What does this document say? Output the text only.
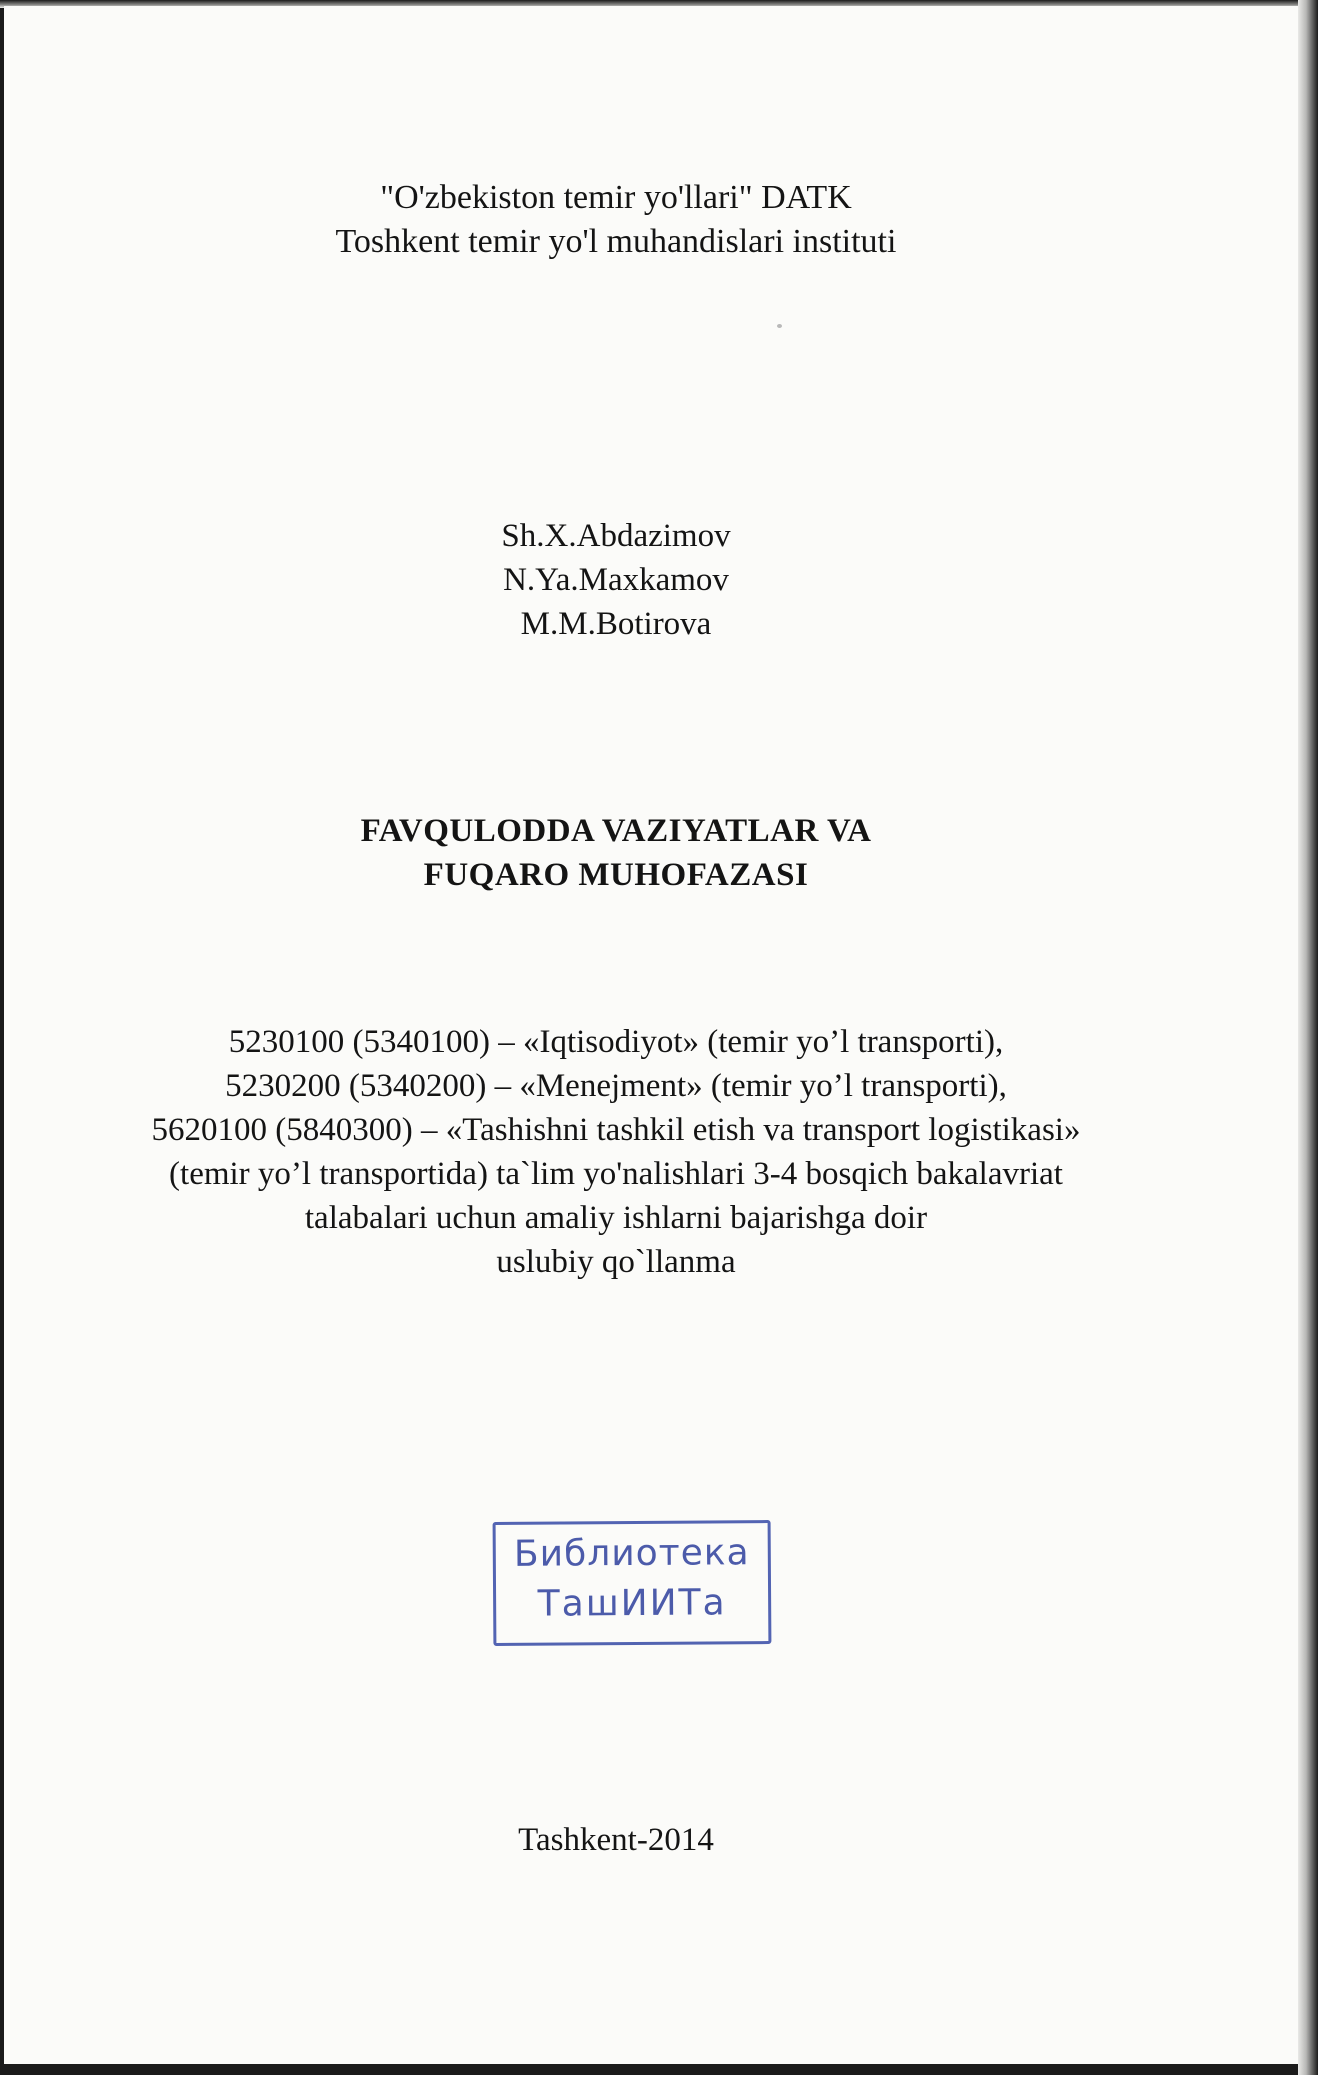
"O'zbekiston temir yo'llari" DATK
Toshkent temir yo'l muhandislari instituti
Sh.X.Abdazimov
N.Ya.Maxkamov
M.M.Botirova
FAVQULODDA VAZIYATLAR VA
FUQARO MUHOFAZASI
5230100 (5340100) – «Iqtisodiyot» (temir yo’l transporti),
5230200 (5340200) – «Menejment» (temir yo’l transporti),
5620100 (5840300) – «Tashishni tashkil etish va transport logistikasi»
(temir yo’l transportida) ta`lim yo'nalishlari 3-4 bosqich bakalavriat
talabalari uchun amaliy ishlarni bajarishga doir
uslubiy qo`llanma
Библиотека
ТашИИТа
Tashkent-2014
